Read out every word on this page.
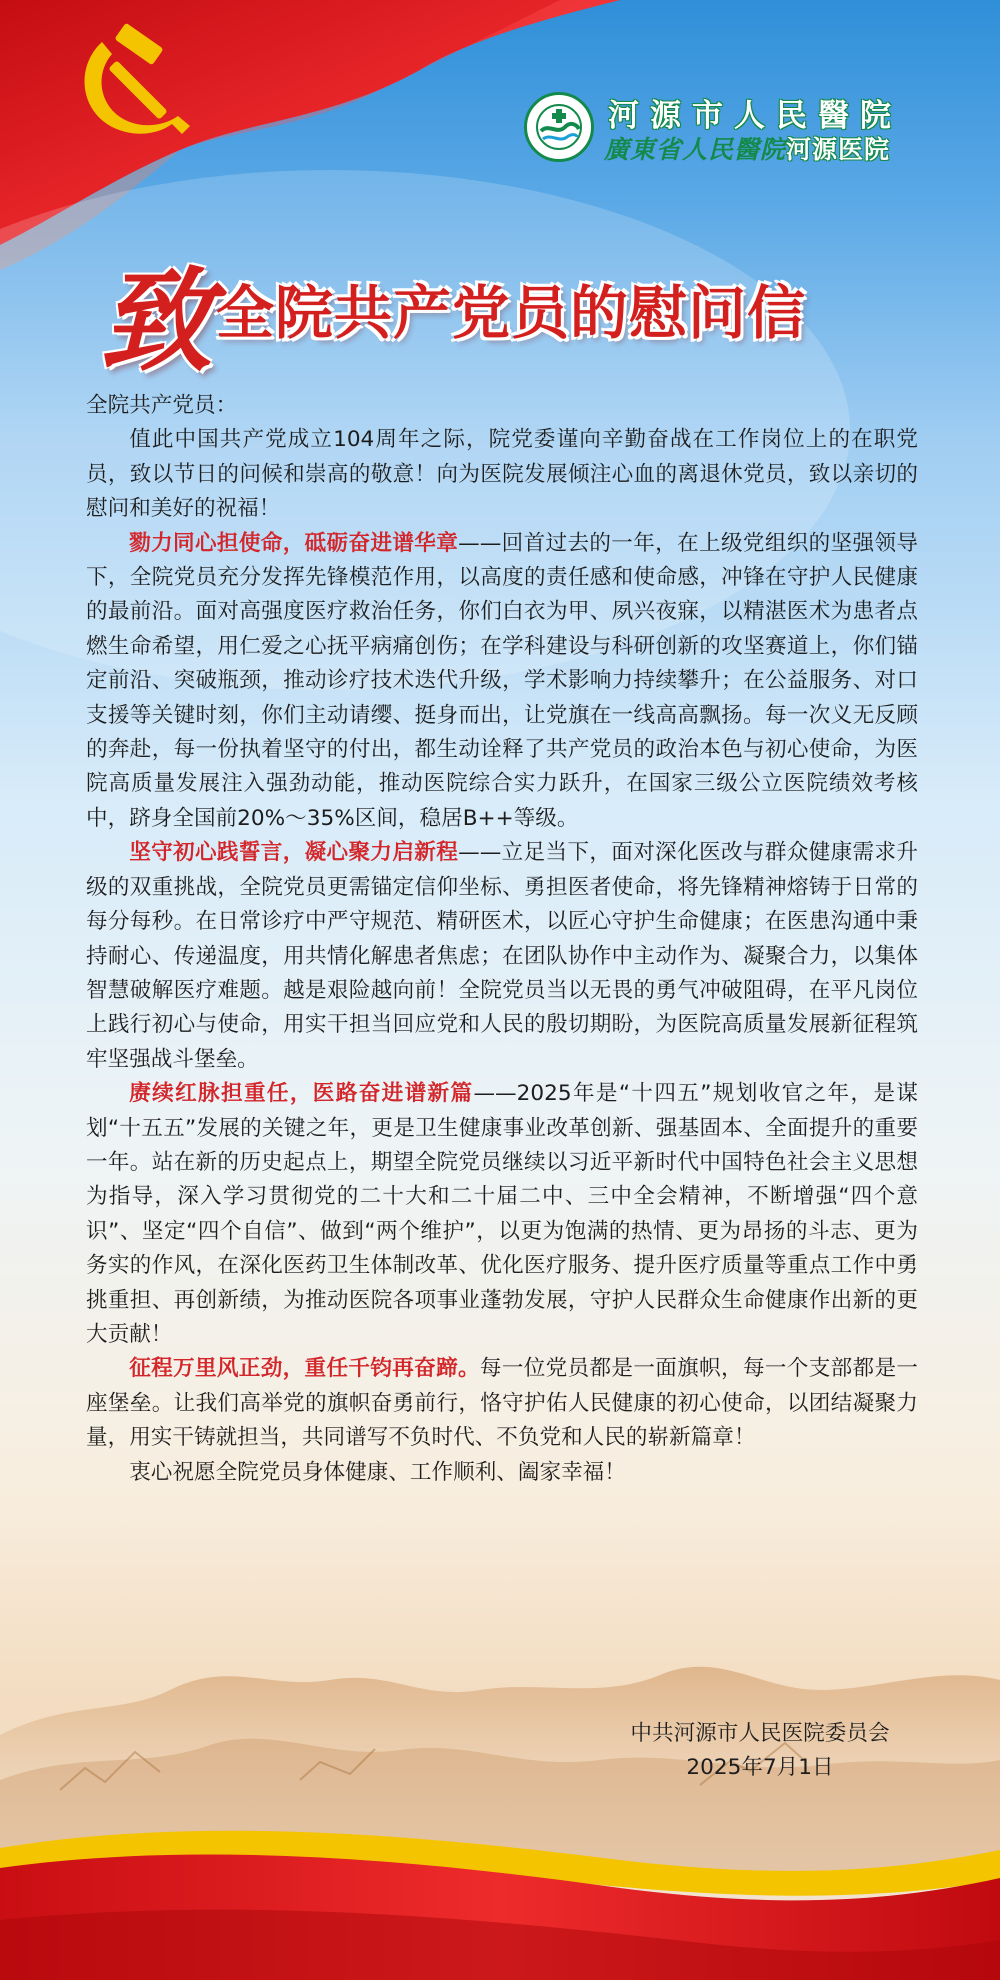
河源市人民醫院
廣東省人民醫院河源医院
致 全院共产党员的慰问信

全院共产党员：

值此中国共产党成立104周年之际，院党委谨向辛勤奋战在工作岗位上的在职党员，致以节日的问候和崇高的敬意！向为医院发展倾注心血的离退休党员，致以亲切的慰问和美好的祝福！

勠力同心担使命，砥砺奋进谱华章——回首过去的一年，在上级党组织的坚强领导下，全院党员充分发挥先锋模范作用，以高度的责任感和使命感，冲锋在守护人民健康的最前沿。面对高强度医疗救治任务，你们白衣为甲、夙兴夜寐，以精湛医术为患者点燃生命希望，用仁爱之心抚平病痛创伤；在学科建设与科研创新的攻坚赛道上，你们锚定前沿、突破瓶颈，推动诊疗技术迭代升级，学术影响力持续攀升；在公益服务、对口支援等关键时刻，你们主动请缨、挺身而出，让党旗在一线高高飘扬。每一次义无反顾的奔赴，每一份执着坚守的付出，都生动诠释了共产党员的政治本色与初心使命，为医院高质量发展注入强劲动能，推动医院综合实力跃升，在国家三级公立医院绩效考核中，跻身全国前20%～35%区间，稳居B++等级。

坚守初心践誓言，凝心聚力启新程——立足当下，面对深化医改与群众健康需求升级的双重挑战，全院党员更需锚定信仰坐标、勇担医者使命，将先锋精神熔铸于日常的每分每秒。在日常诊疗中严守规范、精研医术，以匠心守护生命健康；在医患沟通中秉持耐心、传递温度，用共情化解患者焦虑；在团队协作中主动作为、凝聚合力，以集体智慧破解医疗难题。越是艰险越向前！全院党员当以无畏的勇气冲破阻碍，在平凡岗位上践行初心与使命，用实干担当回应党和人民的殷切期盼，为医院高质量发展新征程筑牢坚强战斗堡垒。

赓续红脉担重任，医路奋进谱新篇——2025年是“十四五”规划收官之年，是谋划“十五五”发展的关键之年，更是卫生健康事业改革创新、强基固本、全面提升的重要一年。站在新的历史起点上，期望全院党员继续以习近平新时代中国特色社会主义思想为指导，深入学习贯彻党的二十大和二十届二中、三中全会精神，不断增强“四个意识”、坚定“四个自信”、做到“两个维护”，以更为饱满的热情、更为昂扬的斗志、更为务实的作风，在深化医药卫生体制改革、优化医疗服务、提升医疗质量等重点工作中勇挑重担、再创新绩，为推动医院各项事业蓬勃发展，守护人民群众生命健康作出新的更大贡献！

征程万里风正劲，重任千钧再奋蹄。每一位党员都是一面旗帜，每一个支部都是一座堡垒。让我们高举党的旗帜奋勇前行，恪守护佑人民健康的初心使命，以团结凝聚力量，用实干铸就担当，共同谱写不负时代、不负党和人民的崭新篇章！

衷心祝愿全院党员身体健康、工作顺利、阖家幸福！

中共河源市人民医院委员会
2025年7月1日
